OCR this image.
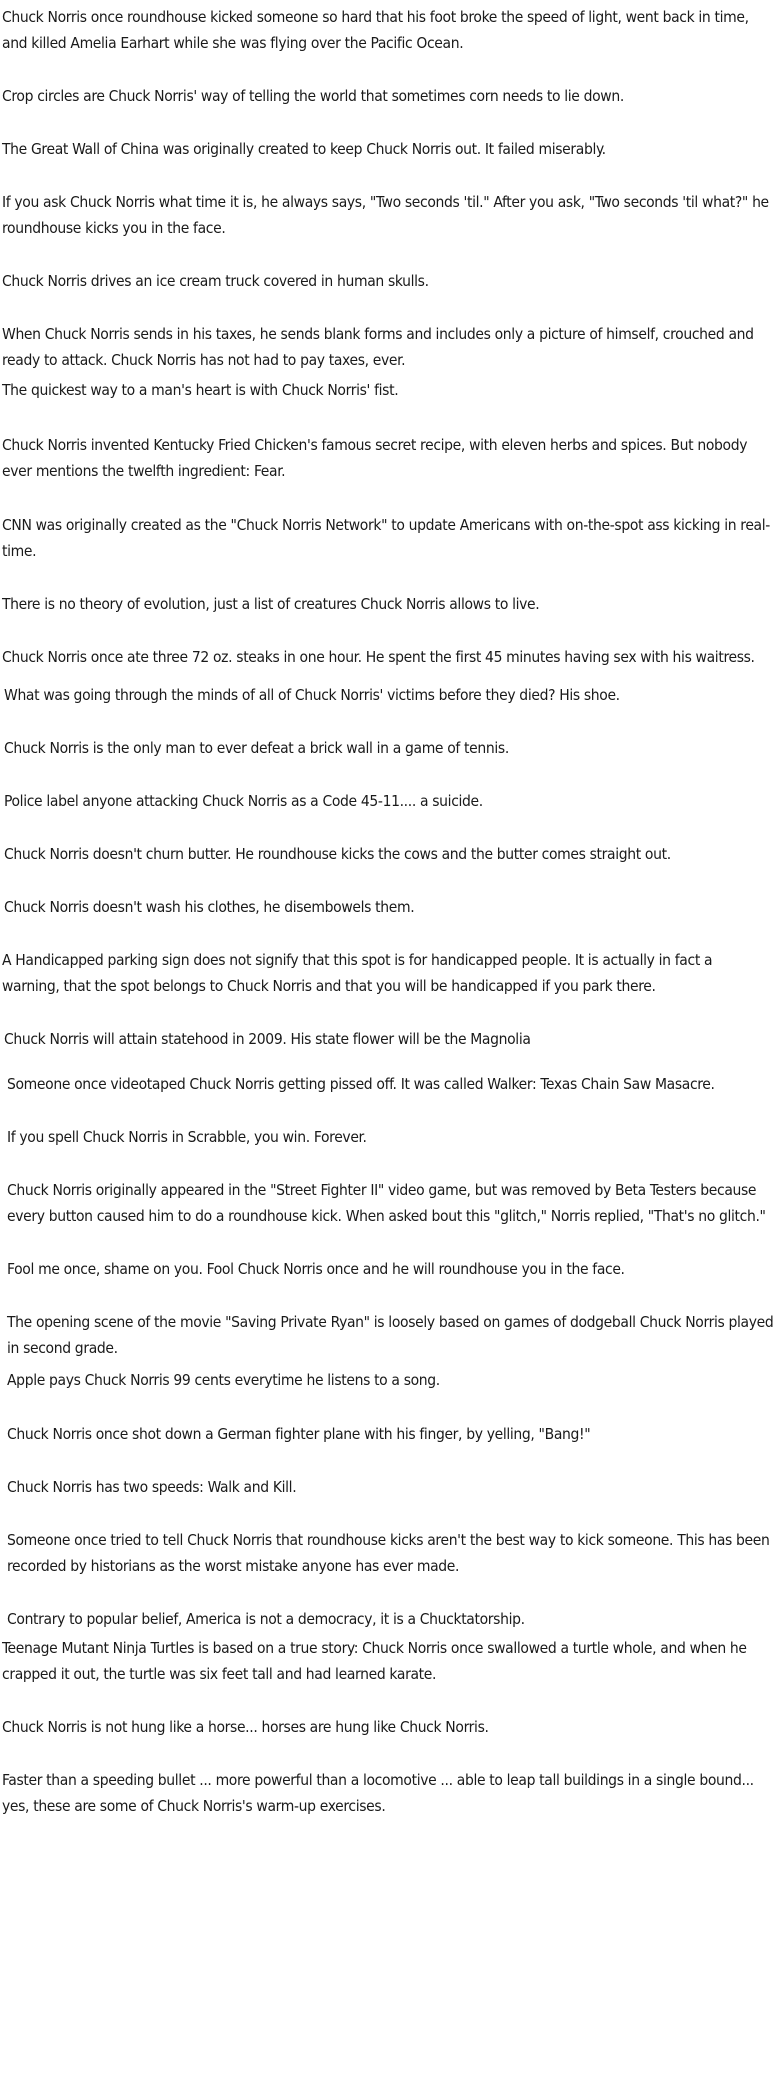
Chuck Norris once roundhouse kicked someone so hard that his foot broke the speed of light, went back in time, and killed Amelia Earhart while she was flying over the Pacific Ocean.

Crop circles are Chuck Norris' way of telling the world that sometimes corn needs to lie down.

The Great Wall of China was originally created to keep Chuck Norris out. It failed miserably.

If you ask Chuck Norris what time it is, he always says, "Two seconds 'til." After you ask, "Two seconds 'til what?" he roundhouse kicks you in the face.

Chuck Norris drives an ice cream truck covered in human skulls.

When Chuck Norris sends in his taxes, he sends blank forms and includes only a picture of himself, crouched and ready to attack. Chuck Norris has not had to pay taxes, ever.

The quickest way to a man's heart is with Chuck Norris' fist.

Chuck Norris invented Kentucky Fried Chicken's famous secret recipe, with eleven herbs and spices. But nobody ever mentions the twelfth ingredient: Fear.

CNN was originally created as the "Chuck Norris Network" to update Americans with on-the-spot ass kicking in real-time.

There is no theory of evolution, just a list of creatures Chuck Norris allows to live.

Chuck Norris once ate three 72 oz. steaks in one hour. He spent the first 45 minutes having sex with his waitress.

What was going through the minds of all of Chuck Norris' victims before they died? His shoe.

Chuck Norris is the only man to ever defeat a brick wall in a game of tennis.

Police label anyone attacking Chuck Norris as a Code 45-11.... a suicide.

Chuck Norris doesn't churn butter. He roundhouse kicks the cows and the butter comes straight out.

Chuck Norris doesn't wash his clothes, he disembowels them.

A Handicapped parking sign does not signify that this spot is for handicapped people. It is actually in fact a warning, that the spot belongs to Chuck Norris and that you will be handicapped if you park there.

Chuck Norris will attain statehood in 2009. His state flower will be the Magnolia

Someone once videotaped Chuck Norris getting pissed off. It was called Walker: Texas Chain Saw Masacre.

If you spell Chuck Norris in Scrabble, you win. Forever.

Chuck Norris originally appeared in the "Street Fighter II" video game, but was removed by Beta Testers because every button caused him to do a roundhouse kick. When asked bout this "glitch," Norris replied, "That's no glitch."

Fool me once, shame on you. Fool Chuck Norris once and he will roundhouse you in the face.

The opening scene of the movie "Saving Private Ryan" is loosely based on games of dodgeball Chuck Norris played in second grade.

Apple pays Chuck Norris 99 cents everytime he listens to a song.

Chuck Norris once shot down a German fighter plane with his finger, by yelling, "Bang!"

Chuck Norris has two speeds: Walk and Kill.

Someone once tried to tell Chuck Norris that roundhouse kicks aren't the best way to kick someone. This has been recorded by historians as the worst mistake anyone has ever made.

Contrary to popular belief, America is not a democracy, it is a Chucktatorship.

Teenage Mutant Ninja Turtles is based on a true story: Chuck Norris once swallowed a turtle whole, and when he crapped it out, the turtle was six feet tall and had learned karate.

Chuck Norris is not hung like a horse... horses are hung like Chuck Norris.

Faster than a speeding bullet ... more powerful than a locomotive ... able to leap tall buildings in a single bound... yes, these are some of Chuck Norris's warm-up exercises.
